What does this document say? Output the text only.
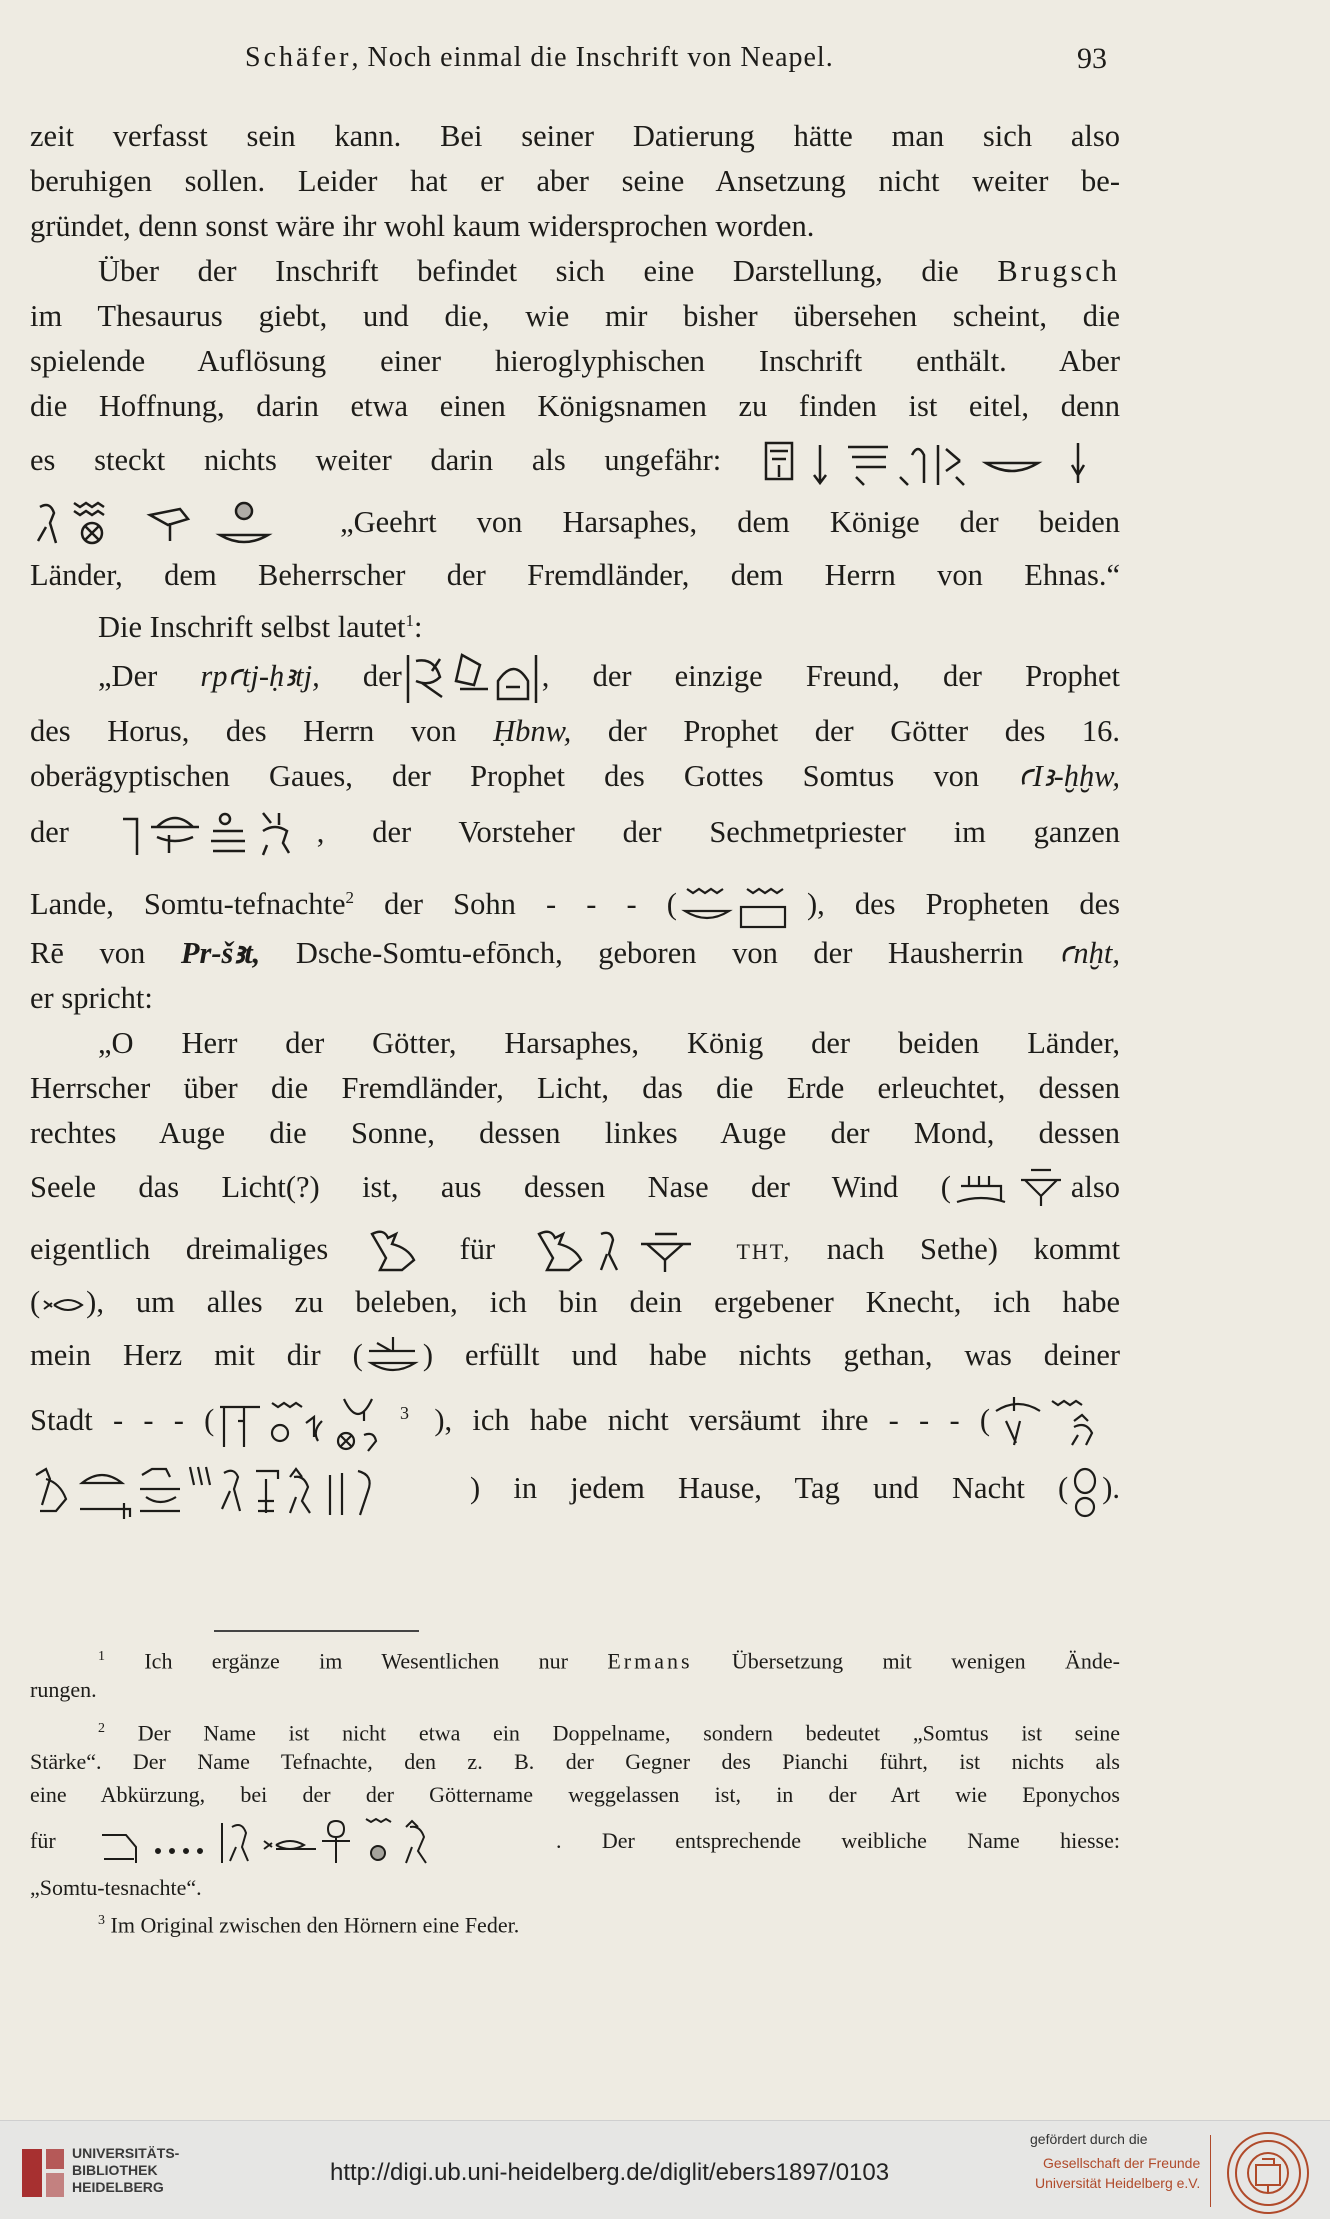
Schäfer, Noch einmal die Inschrift von Neapel.	93
zeit verfasst sein kann. Bei seiner Datierung hätte man sich also
beruhigen sollen. Leider hat er aber seine Ansetzung nicht weiter be-
gründet, denn sonst wäre ihr wohl kaum widersprochen worden.
Über der Inschrift befindet sich eine Darstellung, die Brugsch
im Thesaurus giebt, und die, wie mir bisher übersehen scheint, die
spielende Auflösung einer hieroglyphischen Inschrift enthält. Aber
die Hoffnung, darin etwa einen Königsnamen zu finden ist eitel, denn
es steckt nichts weiter darin als ungefähr:
„Geehrt von Harsaphes, dem Könige der beiden
Länder, dem Beherrscher der Fremdländer, dem Herrn von Ehnas.“
Die Inschrift selbst lautet$^1$:
„Der rpꜥtj-ḥꜣtj, der	, der einzige Freund, der Prophet
des Horus, des Herrn von Ḥbnw, der Prophet der Götter des 16.
oberägyptischen Gaues, der Prophet des Gottes Somtus von ꜥIꜣ-ḫḫw,
der	, der Vorsteher der Sechmetpriester im ganzen
Lande, Somtu-tefnachte$^2$ der Sohn - - - (	), des Propheten des
Rē von Pr-šꜣt, Dsche-Somtu-efōnch, geboren von der Hausherrin ꜥnḫt,
er spricht:
„O Herr der Götter, Harsaphes, König der beiden Länder,
Herrscher über die Fremdländer, Licht, das die Erde erleuchtet, dessen
rechtes Auge die Sonne, dessen linkes Auge der Mond, dessen
Seele das Licht(?) ist, aus dessen Nase der Wind (	also
eigentlich dreimaliges	für	THT, nach Sethe) kommt
( ), um alles zu beleben, ich bin dein ergebener Knecht, ich habe
mein Herz mit dir ( ) erfüllt und habe nichts gethan, was deiner
Stadt - - - (	3 ), ich habe nicht versäumt ihre - - - (
) in jedem Hause, Tag und Nacht ( ).
$^1$ Ich ergänze im Wesentlichen nur Ermans Übersetzung mit wenigen Ände-
rungen.
$^2$ Der Name ist nicht etwa ein Doppelname, sondern bedeutet „Somtus ist seine
Stärke“. Der Name Tefnachte, den z. B. der Gegner des Pianchi führt, ist nichts als
eine Abkürzung, bei der der Göttername weggelassen ist, in der Art wie Eponychos
für	. Der entsprechende weibliche Name hiesse:
„Somtu-tesnachte“.
$^3$ Im Original zwischen den Hörnern eine Feder.
UNIVERSITÄTS-
BIBLIOTHEK
HEIDELBERG
http://digi.ub.uni-heidelberg.de/diglit/ebers1897/0103
gefördert durch die
Gesellschaft der Freunde
Universität Heidelberg e.V.
